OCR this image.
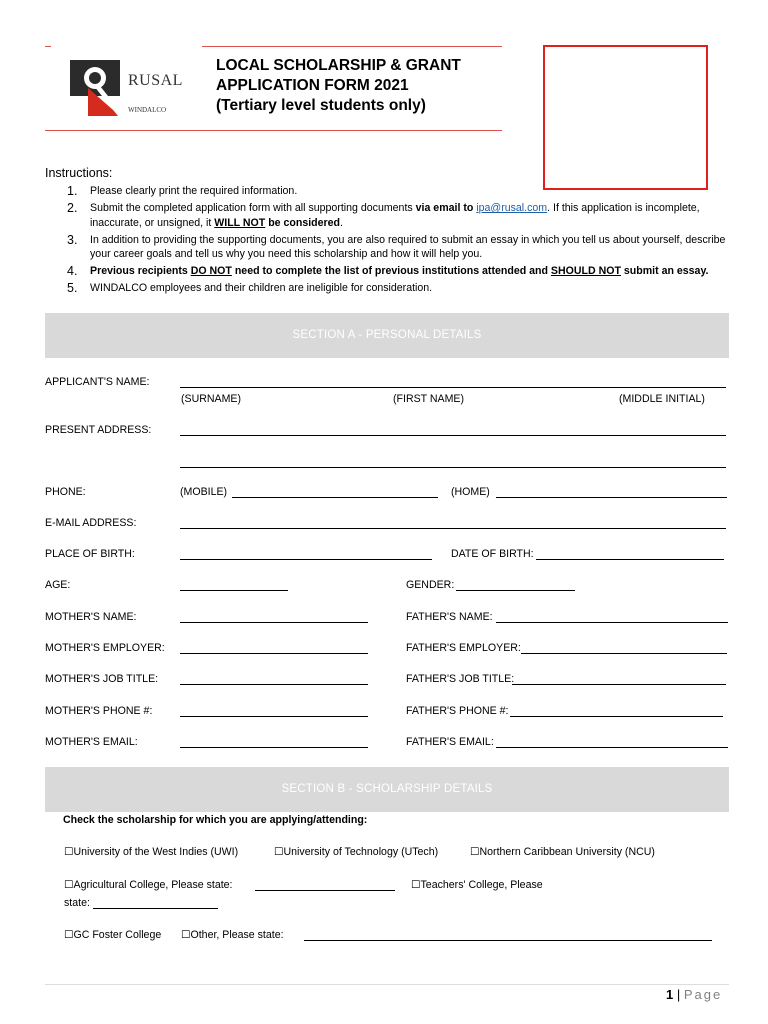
RUSAL
WINDALCO
LOCAL SCHOLARSHIP & GRANT
APPLICATION FORM 2021
(Tertiary level students only)
Instructions:
1. Please clearly print the required information.
2. Submit the completed application form with all supporting documents via email to ipa@rusal.com. If this application is incomplete, inaccurate, or unsigned, it WILL NOT be considered.
3. In addition to providing the supporting documents, you are also required to submit an essay in which you tell us about yourself, describe your career goals and tell us why you need this scholarship and how it will help you.
4. Previous recipients DO NOT need to complete the list of previous institutions attended and SHOULD NOT submit an essay.
5. WINDALCO employees and their children are ineligible for consideration.
SECTION A - PERSONAL DETAILS
APPLICANT'S NAME:
(SURNAME)	(FIRST NAME)	(MIDDLE INITIAL)
PRESENT ADDRESS:
PHONE:	(MOBILE)	(HOME)
E-MAIL ADDRESS:
PLACE OF BIRTH:	DATE OF BIRTH:
AGE:	GENDER:
MOTHER'S NAME:	FATHER'S NAME:
MOTHER'S EMPLOYER:	FATHER'S EMPLOYER:
MOTHER'S JOB TITLE:	FATHER'S JOB TITLE:
MOTHER'S PHONE #:	FATHER'S PHONE #:
MOTHER'S EMAIL:	FATHER'S EMAIL:
SECTION B - SCHOLARSHIP DETAILS
Check the scholarship for which you are applying/attending:
☐University of the West Indies (UWI)	☐University of Technology (UTech)	☐Northern Caribbean University (NCU)
☐Agricultural College, Please state:	☐Teachers' College, Please
state:
☐GC Foster College ☐Other, Please state:
1 | Page
